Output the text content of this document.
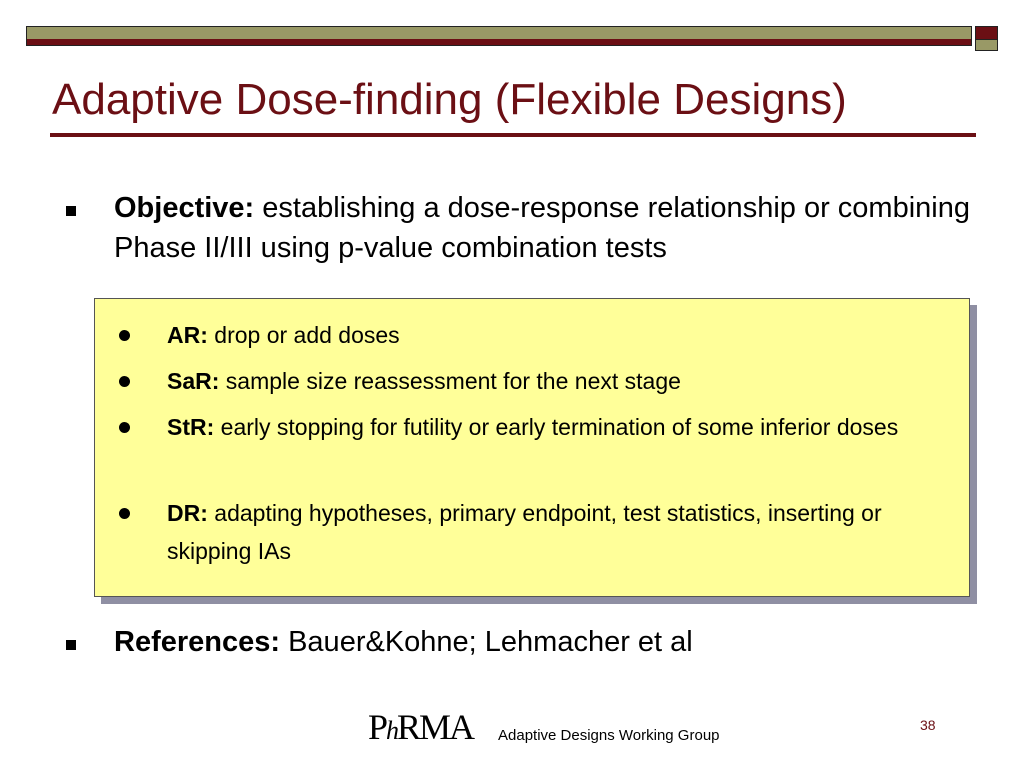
Adaptive Dose-finding (Flexible Designs)
Objective: establishing a dose-response relationship or combining Phase II/III using p-value combination tests
AR: drop or add doses
SaR: sample size reassessment for the next stage
StR: early stopping for futility or early termination of some inferior doses
DR: adapting hypotheses, primary endpoint, test statistics, inserting or skipping IAs
References: Bauer&Kohne; Lehmacher et al
PhRMA Adaptive Designs Working Group
38
